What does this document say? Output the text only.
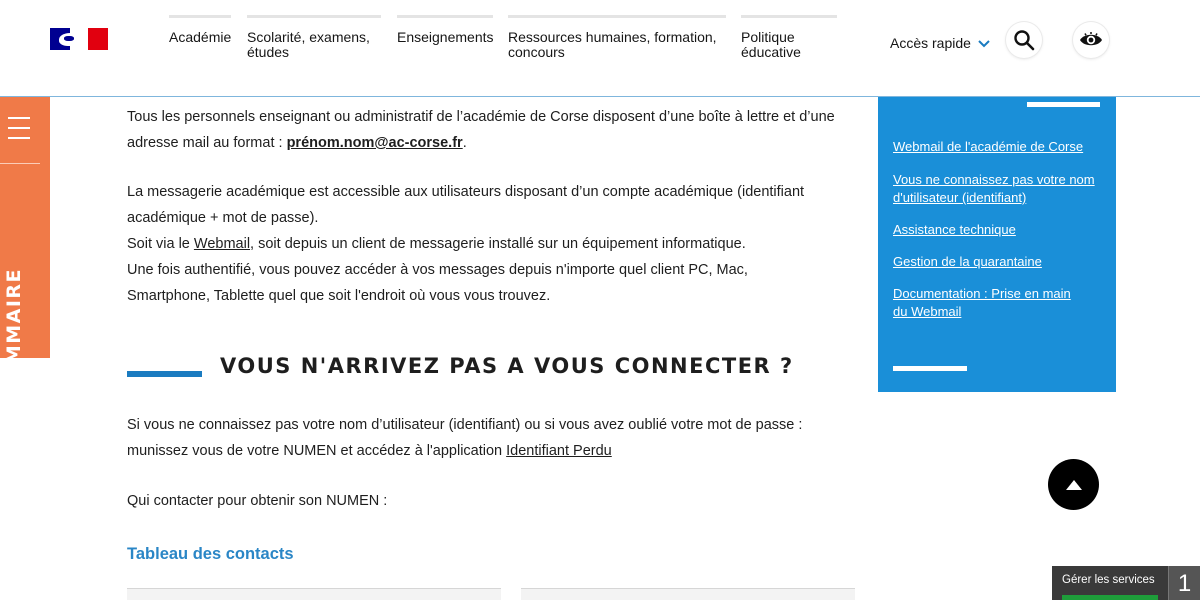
Académie Scolarité, examens,
études
Enseignements Ressources humaines, formation,
concours
Politique
éducative
Accès rapide
SOMMAIRE

Tous les personnels enseignant ou administratif de l’académie de Corse disposent d’une boîte à lettre et d’une adresse mail au format : prénom.nom@ac-corse.fr.

La messagerie académique est accessible aux utilisateurs disposant d’un compte académique (identifiant académique + mot de passe).

Soit via le Webmail, soit depuis un client de messagerie installé sur un équipement informatique.

Une fois authentifié, vous pouvez accéder à vos messages depuis n'importe quel client PC, Mac, Smartphone, Tablette quel que soit l'endroit où vous vous trouvez.

VOUS N'ARRIVEZ PAS A VOUS CONNECTER ?

Si vous ne connaissez pas votre nom d’utilisateur (identifiant) ou si vous avez oublié votre mot de passe : munissez vous de votre NUMEN et accédez à l'application Identifiant Perdu

Qui contacter pour obtenir son NUMEN :

Tableau des contacts
Webmail de l'académie de Corse
Vous ne connaissez pas votre nom d'utilisateur (identifiant)
Assistance technique
Gestion de la quarantaine
Documentation : Prise en main du Webmail
Gérer les services 1
